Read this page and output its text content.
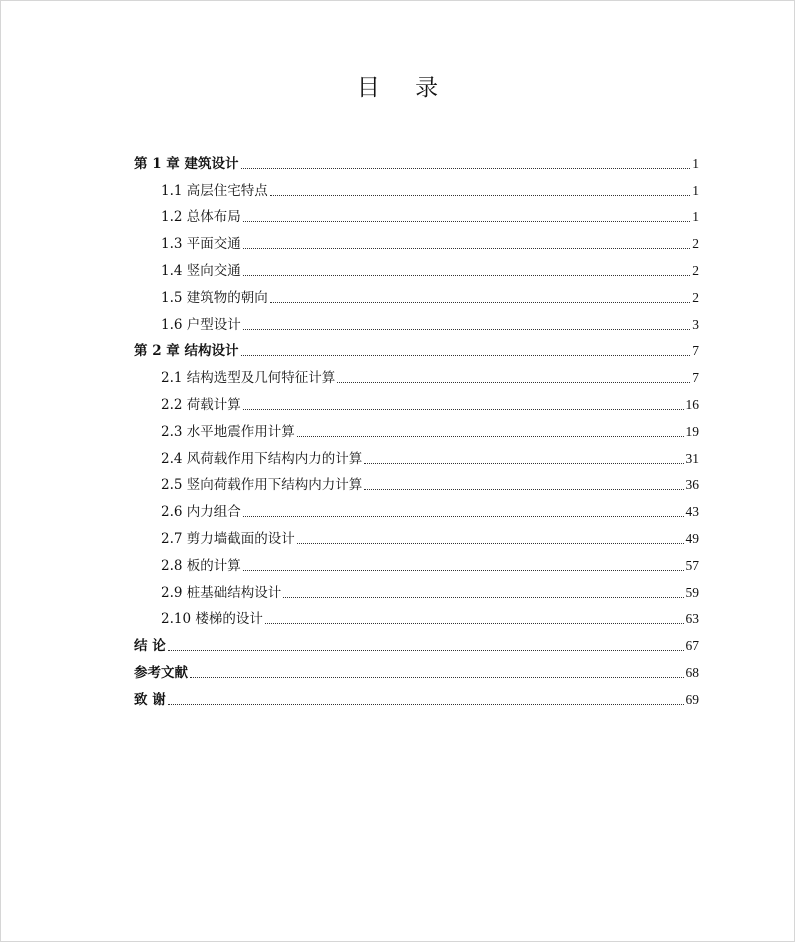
目 录
第 1 章 建筑设计	1
1.1 高层住宅特点	1
1.2 总体布局	1
1.3 平面交通	2
1.4 竖向交通	2
1.5 建筑物的朝向	2
1.6 户型设计	3
第 2 章 结构设计	7
2.1 结构选型及几何特征计算	7
2.2 荷载计算	16
2.3 水平地震作用计算	19
2.4 风荷载作用下结构内力的计算	31
2.5 竖向荷载作用下结构内力计算	36
2.6 内力组合	43
2.7 剪力墙截面的设计	49
2.8 板的计算	57
2.9 桩基础结构设计	59
2.10 楼梯的设计	63
结 论	67
参考文献	68
致 谢	69
